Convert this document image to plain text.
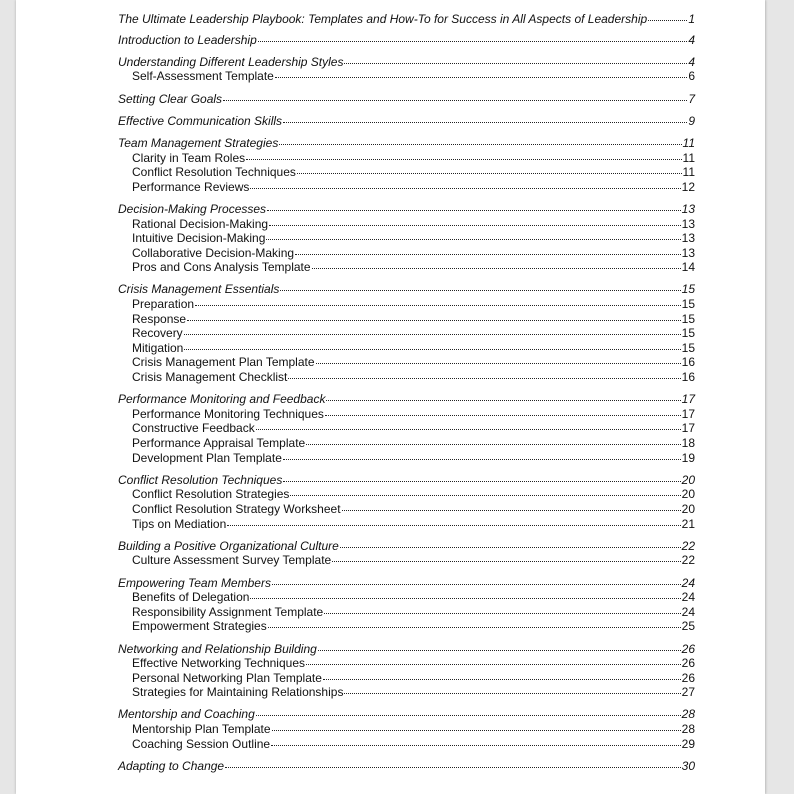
The Ultimate Leadership Playbook: Templates and How-To for Success in All Aspects of Leadership	1
Introduction to Leadership	4
Understanding Different Leadership Styles	4
Self-Assessment Template	6
Setting Clear Goals	7
Effective Communication Skills	9
Team Management Strategies	11
Clarity in Team Roles	11
Conflict Resolution Techniques	11
Performance Reviews	12
Decision-Making Processes	13
Rational Decision-Making	13
Intuitive Decision-Making	13
Collaborative Decision-Making	13
Pros and Cons Analysis Template	14
Crisis Management Essentials	15
Preparation	15
Response	15
Recovery	15
Mitigation	15
Crisis Management Plan Template	16
Crisis Management Checklist	16
Performance Monitoring and Feedback	17
Performance Monitoring Techniques	17
Constructive Feedback	17
Performance Appraisal Template	18
Development Plan Template	19
Conflict Resolution Techniques	20
Conflict Resolution Strategies	20
Conflict Resolution Strategy Worksheet	20
Tips on Mediation	21
Building a Positive Organizational Culture	22
Culture Assessment Survey Template	22
Empowering Team Members	24
Benefits of Delegation	24
Responsibility Assignment Template	24
Empowerment Strategies	25
Networking and Relationship Building	26
Effective Networking Techniques	26
Personal Networking Plan Template	26
Strategies for Maintaining Relationships	27
Mentorship and Coaching	28
Mentorship Plan Template	28
Coaching Session Outline	29
Adapting to Change	30
